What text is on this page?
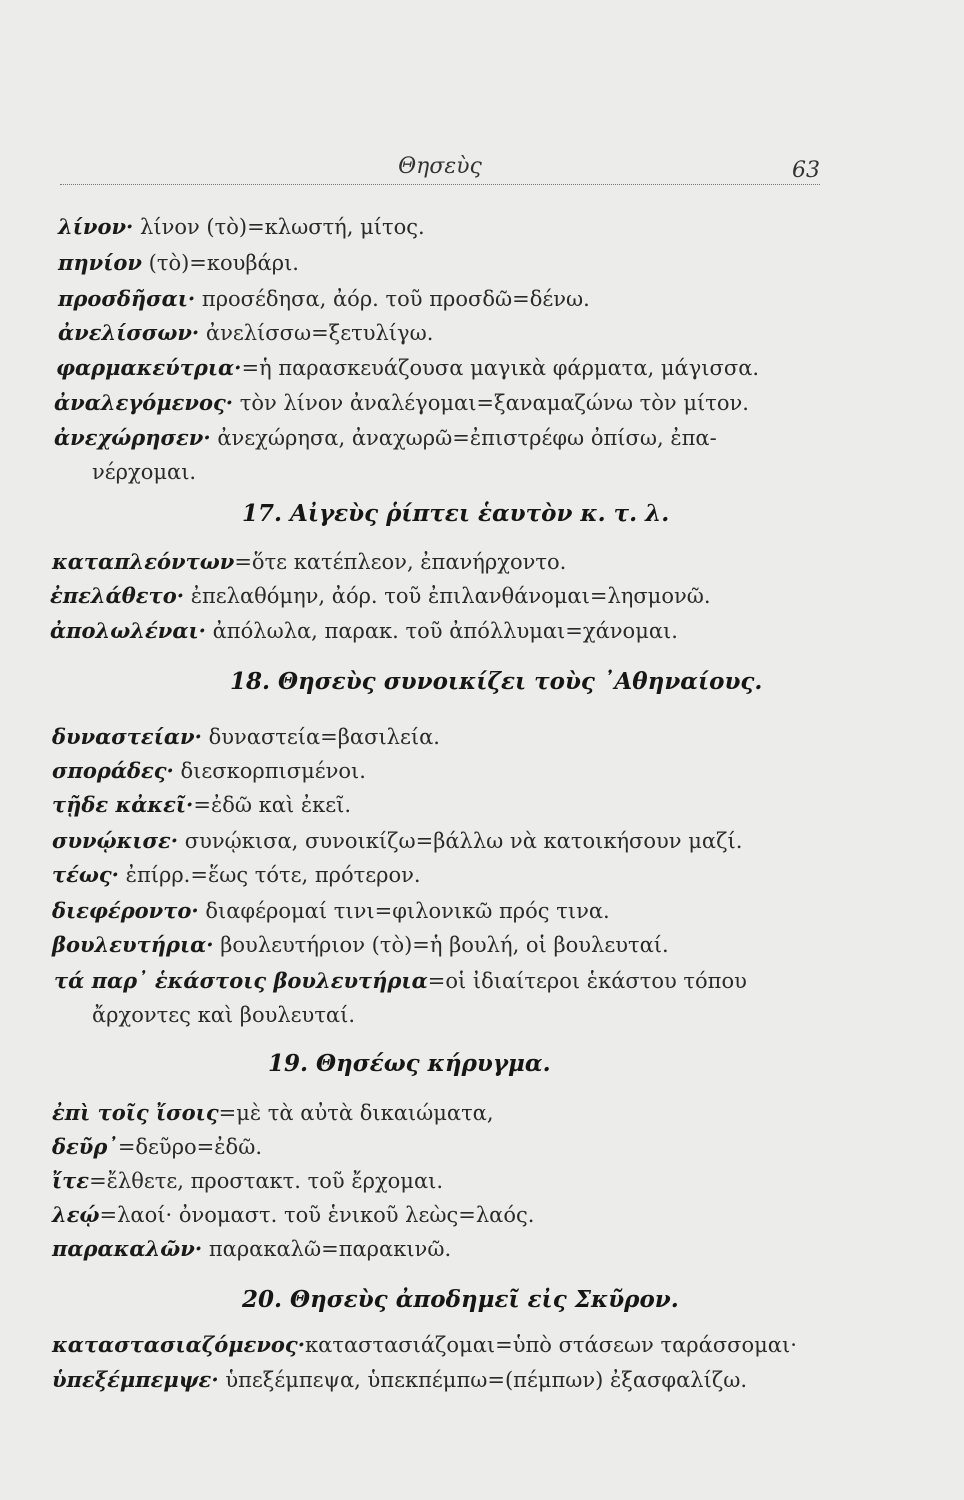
Θησεὺς	63
λίνον· λίνον (τὸ)=κλωστή, μίτος.
πηνίον (τὸ)=κουβάρι.
προσδῆσαι· προσέδησα, ἀόρ. τοῦ προσδῶ=δένω.
ἀνελίσσων· ἀνελίσσω=ξετυλίγω.
φαρμακεύτρια·=ἡ παρασκευάζουσα μαγικὰ φάρματα, μάγισσα.
ἀναλεγόμενος· τὸν λίνον ἀναλέγομαι=ξαναμαζώνω τὸν μίτον.
ἀνεχώρησεν· ἀνεχώρησα, ἀναχωρῶ=ἐπιστρέφω ὀπίσω, ἐπα-
νέρχομαι.
17. Αἰγεὺς ῥίπτει ἑαυτὸν κ. τ. λ.
καταπλεόντων=ὅτε κατέπλεον, ἐπανήρχοντο.
ἐπελάθετο· ἐπελαθόμην, ἀόρ. τοῦ ἐπιλανθάνομαι=λησμονῶ.
ἀπολωλέναι· ἀπόλωλα, παρακ. τοῦ ἀπόλλυμαι=χάνομαι.
18. Θησεὺς συνοικίζει τοὺς ᾽Αθηναίους.
δυναστείαν· δυναστεία=βασιλεία.
σποράδες· διεσκορπισμένοι.
τῇδε κἀκεῖ·=ἐδῶ καὶ ἐκεῖ.
συνῴκισε· συνῴκισα, συνοικίζω=βάλλω νὰ κατοικήσουν μαζί.
τέως· ἐπίρρ.=ἕως τότε, πρότερον.
διεφέροντο· διαφέρομαί τινι=φιλονικῶ πρός τινα.
βουλευτήρια· βουλευτήριον (τὸ)=ἡ βουλή, οἱ βουλευταί.
τά παρ᾽ ἑκάστοις βουλευτήρια=οἱ ἰδιαίτεροι ἑκάστου τόπου
ἄρχοντες καὶ βουλευταί.
19. Θησέως κήρυγμα.
ἐπὶ τοῖς ἴσοις=μὲ τὰ αὐτὰ δικαιώματα,
δεῦρ᾽=δεῦρο=ἐδῶ.
ἴτε=ἔλθετε, προστακτ. τοῦ ἔρχομαι.
λεῴ=λαοί· ὀνομαστ. τοῦ ἑνικοῦ λεὼς=λαός.
παρακαλῶν· παρακαλῶ=παρακινῶ.
20. Θησεὺς ἀποδημεῖ εἰς Σκῦρον.
καταστασιαζόμενος·καταστασιάζομαι=ὑπὸ στάσεων ταράσσομαι·
ὑπεξέμπεμψε· ὑπεξέμπεψα, ὑπεκπέμπω=(πέμπων) ἐξασφαλίζω.
